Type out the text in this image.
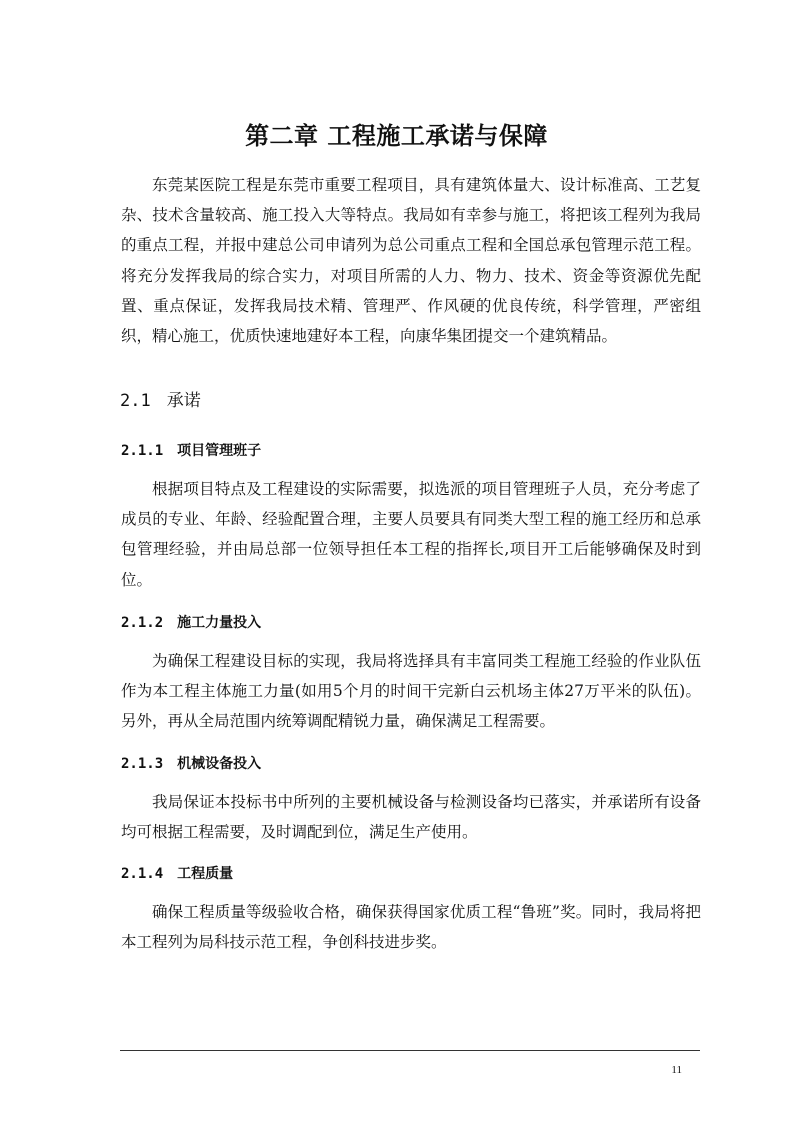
第二章 工程施工承诺与保障

东莞某医院工程是东莞市重要工程项目，具有建筑体量大、设计标准高、工艺复杂、技术含量较高、施工投入大等特点。我局如有幸参与施工，将把该工程列为我局的重点工程，并报中建总公司申请列为总公司重点工程和全国总承包管理示范工程。将充分发挥我局的综合实力，对项目所需的人力、物力、技术、资金等资源优先配置、重点保证，发挥我局技术精、管理严、作风硬的优良传统，科学管理，严密组织，精心施工，优质快速地建好本工程，向康华集团提交一个建筑精品。

2.1 承诺
2.1.1 项目管理班子

根据项目特点及工程建设的实际需要，拟选派的项目管理班子人员，充分考虑了成员的专业、年龄、经验配置合理，主要人员要具有同类大型工程的施工经历和总承包管理经验，并由局总部一位领导担任本工程的指挥长,项目开工后能够确保及时到位。

2.1.2 施工力量投入

为确保工程建设目标的实现，我局将选择具有丰富同类工程施工经验的作业队伍作为本工程主体施工力量(如用5个月的时间干完新白云机场主体27万平米的队伍)。另外，再从全局范围内统筹调配精锐力量，确保满足工程需要。

2.1.3 机械设备投入

我局保证本投标书中所列的主要机械设备与检测设备均已落实，并承诺所有设备均可根据工程需要，及时调配到位，满足生产使用。

2.1.4 工程质量

确保工程质量等级验收合格，确保获得国家优质工程“鲁班”奖。同时，我局将把本工程列为局科技示范工程，争创科技进步奖。

11
